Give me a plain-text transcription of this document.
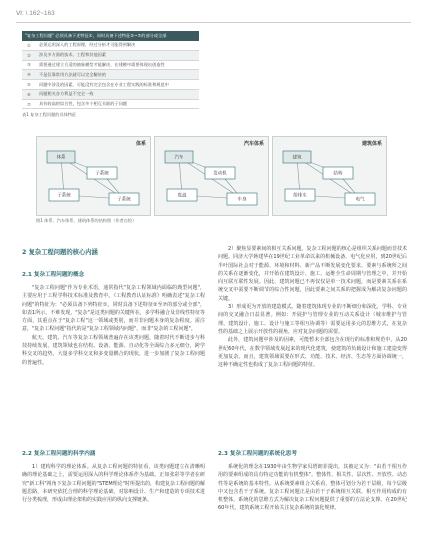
Ⅵ: \ 162~163
"复杂工程问题" 必须具备下述特征①，同时具备下述特征②~⑦的部分或全部	
①	必须运用深入的工程原理，经过分析才可能得到解决
②	涉及多方面的技术、工程和其他因素
③	需要通过建立合适的抽象模型才能解决，在建模中需要体现出创造性
④	不是仅靠常用方法就可以完全解决的
⑤	问题中涉及的因素，可能没有完全包含在专业工程实践的标准和规范中
⑥	问题相关各方利益不完全一致
⑦	具有较高的综合性，包含多个相互关联的子问题
表1 复杂工程问题的具体特征
体系
子系统
子系统
子系统
体系
汽车
发动机
底盘
车身
汽车体系
建筑
结构
给排水
电气
建筑体系
图1 体系、汽车体系、建筑体系的结构图（作者自绘）
2 复杂工程问题的核心内涵
2.1 复杂工程问题的概念

"复杂工程问题"作为专业术语，通常指代"复杂工程领域内面临的典型问题"，主要应用于工程学科技术标准及教育中。《工程教育认证标准》明确表述"复杂工程问题"的特征为："必须具备下列特征①，同时具备下述特征②至⑦的部分或全部"，如表1所示。不难发现，"复杂"是这类问题的关键所在，多学科融合及非线性特征等方面，其重点在于"复杂工程"这一领域或类别，而并非问题本身的复杂程度。需注意，"复杂工程问题"指代的是"复杂工程领域内问题"，而非"复杂的工程问题"。

航天、建筑、汽车等复杂工程领域普遍存在该类问题，随着时代不断进步与科技持续发展，建筑领域也在结构、设备、能源、自动化等全面综合多元细分，跨学科交叉的趋势。大量多学科交叉和多变量耦合的现状，进一步加剧了复杂工程问题的普遍性。

2.2 复杂工程问题的科学内涵

1）建构科学的理论体系。从复杂工程问题的特征看，该类问题建立在清晰明确的理论基础之上，需要运用深入的科学理论体系作为基础。正如张彩等学者在研究"新工科"视角下复杂工程问题的"STEM理论"时所提出的，构建复杂工程问题的解题思路，本研究依托合理的科学理论基础，对影响设计、生产和建造的专项技术进行分类梳理，形成由理论架构的实践应用的纵向支撑链条。

2）聚焦显要素间的相互关系问题。复杂工程问题的核心是组织关系问题而非技术问题。同济大学蒋建华在19世纪工业革命以来的机械设备、电气化应用，到20世纪后半叶国际社会对于能源、环境和材料、新产品不断发展变化要求，要素与系统所之间的关系在逐渐变化，并开始在建筑设计、施工、运维全生命周期与管理之中，并开始向互联互联性发展。因此，建筑问题已不再仅仅是单一技术问题，而是要素关系在系统交叉中需要不断调节的综合性问题，因此要素之间关系的把握成为解决复杂问题的关键。

3）形成更为开放的建造模式。随着建筑体现专业的不断细分和深化，学科、专业间的交叉融合日益显著。例如：开展护与管理专业的互动关系设计（城市维护与管理、建筑设计、施工、设计与施工等相互协调等）需要运用多元的思维方式，在复杂性的基础之上展示开放性的视角，应对复杂问题的需要。

此外，建筑问题中涉及的因素，可能暂未全部包含在现行的标准和规范中。从20世纪60年代，在数学领域发展起来的现代化建筑，使建筑的负载设计和施工建造变得更加复杂。而且，建筑领域需要在形式、功能、技术、经济、生态等方面协调统一，这种不确定性也构成了复杂工程问题的特征。

2.3 复杂工程问题的系统化思考

系统化的理念在1930年由生物学家贝塔朗菲提出，其被定义为："由若干相互作用的要素组成的具有特定功能的有机整体"。整体性、相关性、层次性、开放性、动态性等是系统的基本特性。从系统要素组合关系看，整体可划分为若干层级，每个层级中又包含若干子系统。复杂工程问题正是由若干子系统相互关联、相互作用构成的有机整体，系统化的思维方式为解决复杂工程问题提供了重要的方法论支撑。在20世纪60年代，建筑系统工程开始关注复杂系统的演化规律。
